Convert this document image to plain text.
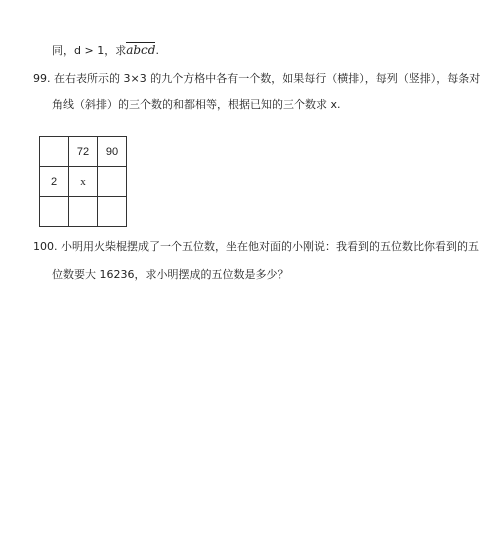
同，d > 1，求abcd.
99. 在右表所示的 3×3 的九个方格中各有一个数，如果每行（横排），每列（竖排），每条对
角线（斜排）的三个数的和都相等，根据已知的三个数求 x.
	72	90
2	x	

100. 小明用火柴棍摆成了一个五位数，坐在他对面的小刚说：我看到的五位数比你看到的五
位数要大 16236，求小明摆成的五位数是多少？
